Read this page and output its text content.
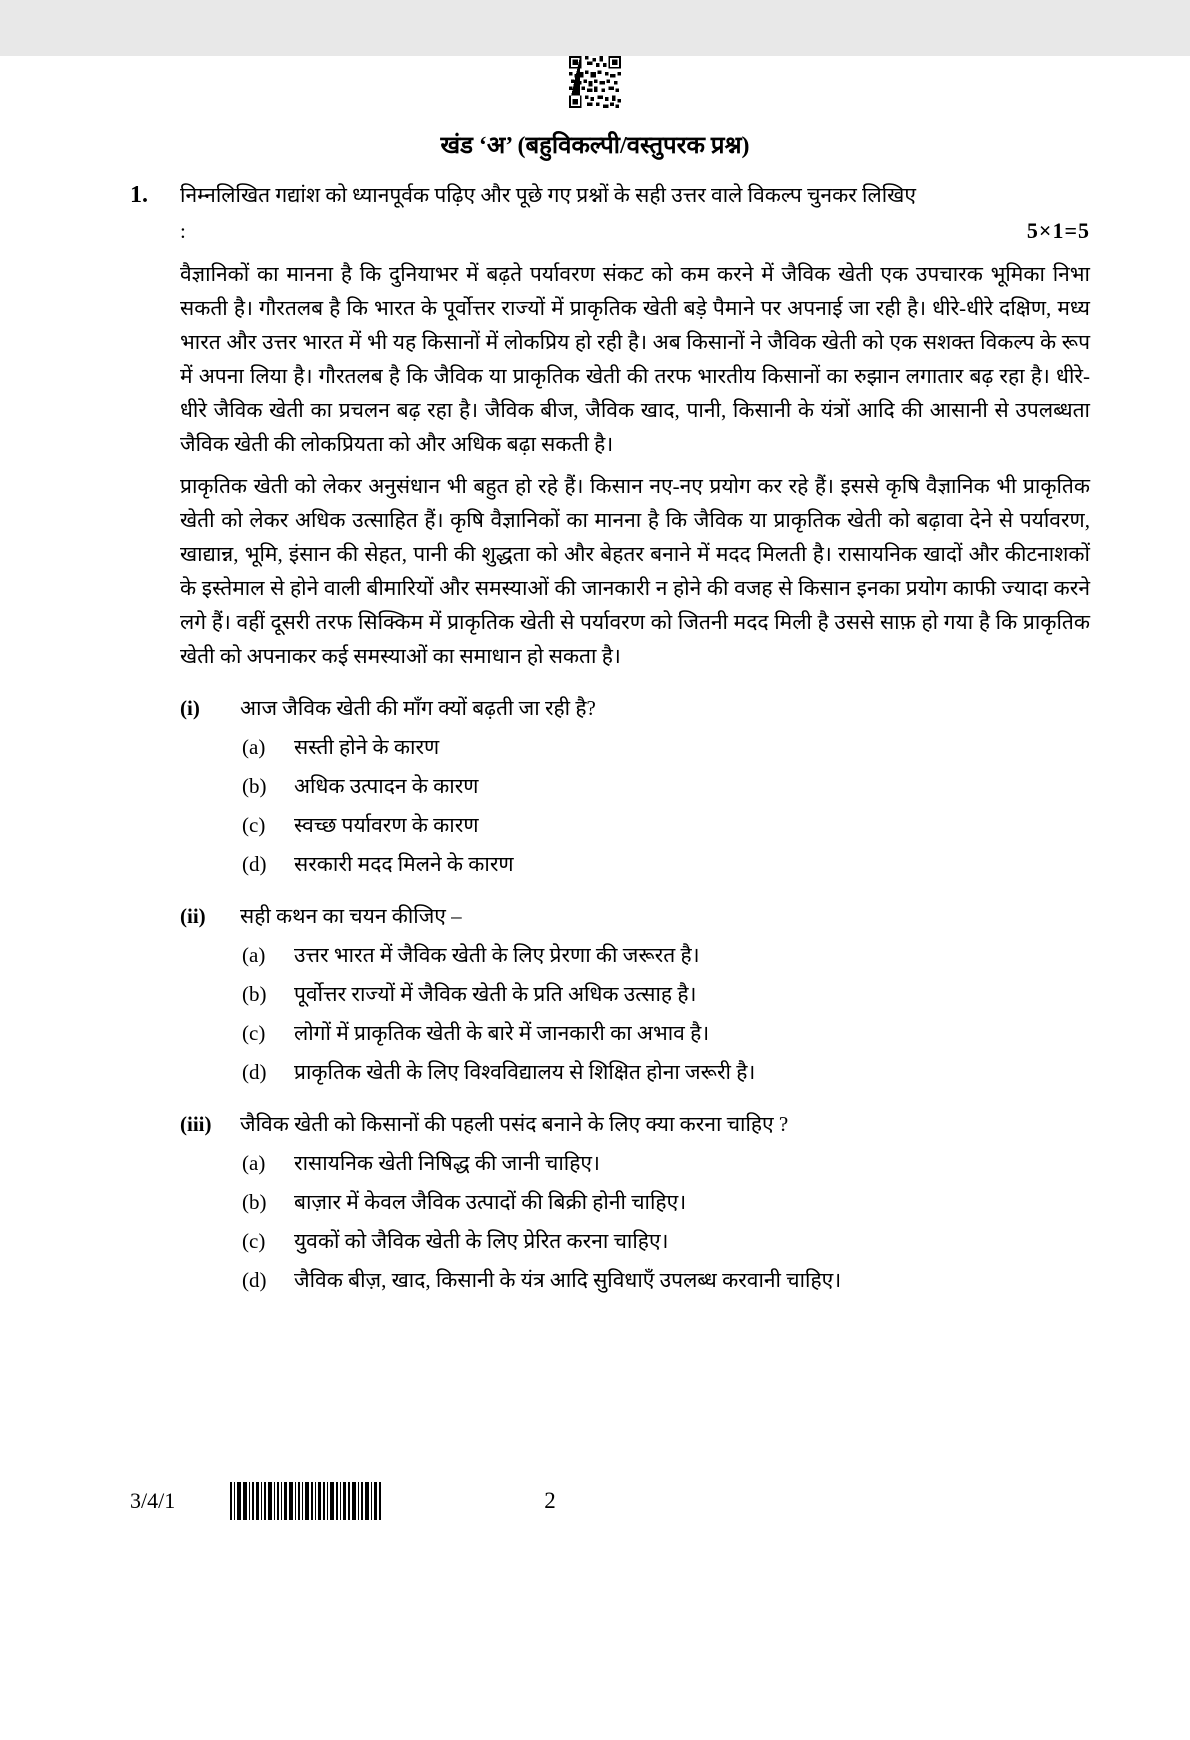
खंड ‘अ’ (बहुविकल्पी/वस्तुपरक प्रश्न)
1.	निम्नलिखित गद्यांश को ध्यानपूर्वक पढ़िए और पूछे गए प्रश्नों के सही उत्तर वाले विकल्प चुनकर लिखिए :	5×1=5

वैज्ञानिकों का मानना है कि दुनियाभर में बढ़ते पर्यावरण संकट को कम करने में जैविक खेती एक उपचारक भूमिका निभा सकती है। गौरतलब है कि भारत के पूर्वोत्तर राज्यों में प्राकृतिक खेती बड़े पैमाने पर अपनाई जा रही है। धीरे-धीरे दक्षिण, मध्य भारत और उत्तर भारत में भी यह किसानों में लोकप्रिय हो रही है। अब किसानों ने जैविक खेती को एक सशक्त विकल्प के रूप में अपना लिया है। गौरतलब है कि जैविक या प्राकृतिक खेती की तरफ भारतीय किसानों का रुझान लगातार बढ़ रहा है। धीरे-धीरे जैविक खेती का प्रचलन बढ़ रहा है। जैविक बीज, जैविक खाद, पानी, किसानी के यंत्रों आदि की आसानी से उपलब्धता जैविक खेती की लोकप्रियता को और अधिक बढ़ा सकती है।

प्राकृतिक खेती को लेकर अनुसंधान भी बहुत हो रहे हैं। किसान नए-नए प्रयोग कर रहे हैं। इससे कृषि वैज्ञानिक भी प्राकृतिक खेती को लेकर अधिक उत्साहित हैं। कृषि वैज्ञानिकों का मानना है कि जैविक या प्राकृतिक खेती को बढ़ावा देने से पर्यावरण, खाद्यान्न, भूमि, इंसान की सेहत, पानी की शुद्धता को और बेहतर बनाने में मदद मिलती है। रासायनिक खादों और कीटनाशकों के इस्तेमाल से होने वाली बीमारियों और समस्याओं की जानकारी न होने की वजह से किसान इनका प्रयोग काफी ज्यादा करने लगे हैं। वहीं दूसरी तरफ सिक्किम में प्राकृतिक खेती से पर्यावरण को जितनी मदद मिली है उससे साफ़ हो गया है कि प्राकृतिक खेती को अपनाकर कई समस्याओं का समाधान हो सकता है।

(i)	आज जैविक खेती की माँग क्यों बढ़ती जा रही है?
(a)	सस्ती होने के कारण
(b)	अधिक उत्पादन के कारण
(c)	स्वच्छ पर्यावरण के कारण
(d)	सरकारी मदद मिलने के कारण
(ii)	सही कथन का चयन कीजिए –
(a)	उत्तर भारत में जैविक खेती के लिए प्रेरणा की जरूरत है।
(b)	पूर्वोत्तर राज्यों में जैविक खेती के प्रति अधिक उत्साह है।
(c)	लोगों में प्राकृतिक खेती के बारे में जानकारी का अभाव है।
(d)	प्राकृतिक खेती के लिए विश्वविद्यालय से शिक्षित होना जरूरी है।
(iii)	जैविक खेती को किसानों की पहली पसंद बनाने के लिए क्या करना चाहिए ?
(a)	रासायनिक खेती निषिद्ध की जानी चाहिए।
(b)	बाज़ार में केवल जैविक उत्पादों की बिक्री होनी चाहिए।
(c)	युवकों को जैविक खेती के लिए प्रेरित करना चाहिए।
(d)	जैविक बीज़, खाद, किसानी के यंत्र आदि सुविधाएँ उपलब्ध करवानी चाहिए।
3/4/1	2
